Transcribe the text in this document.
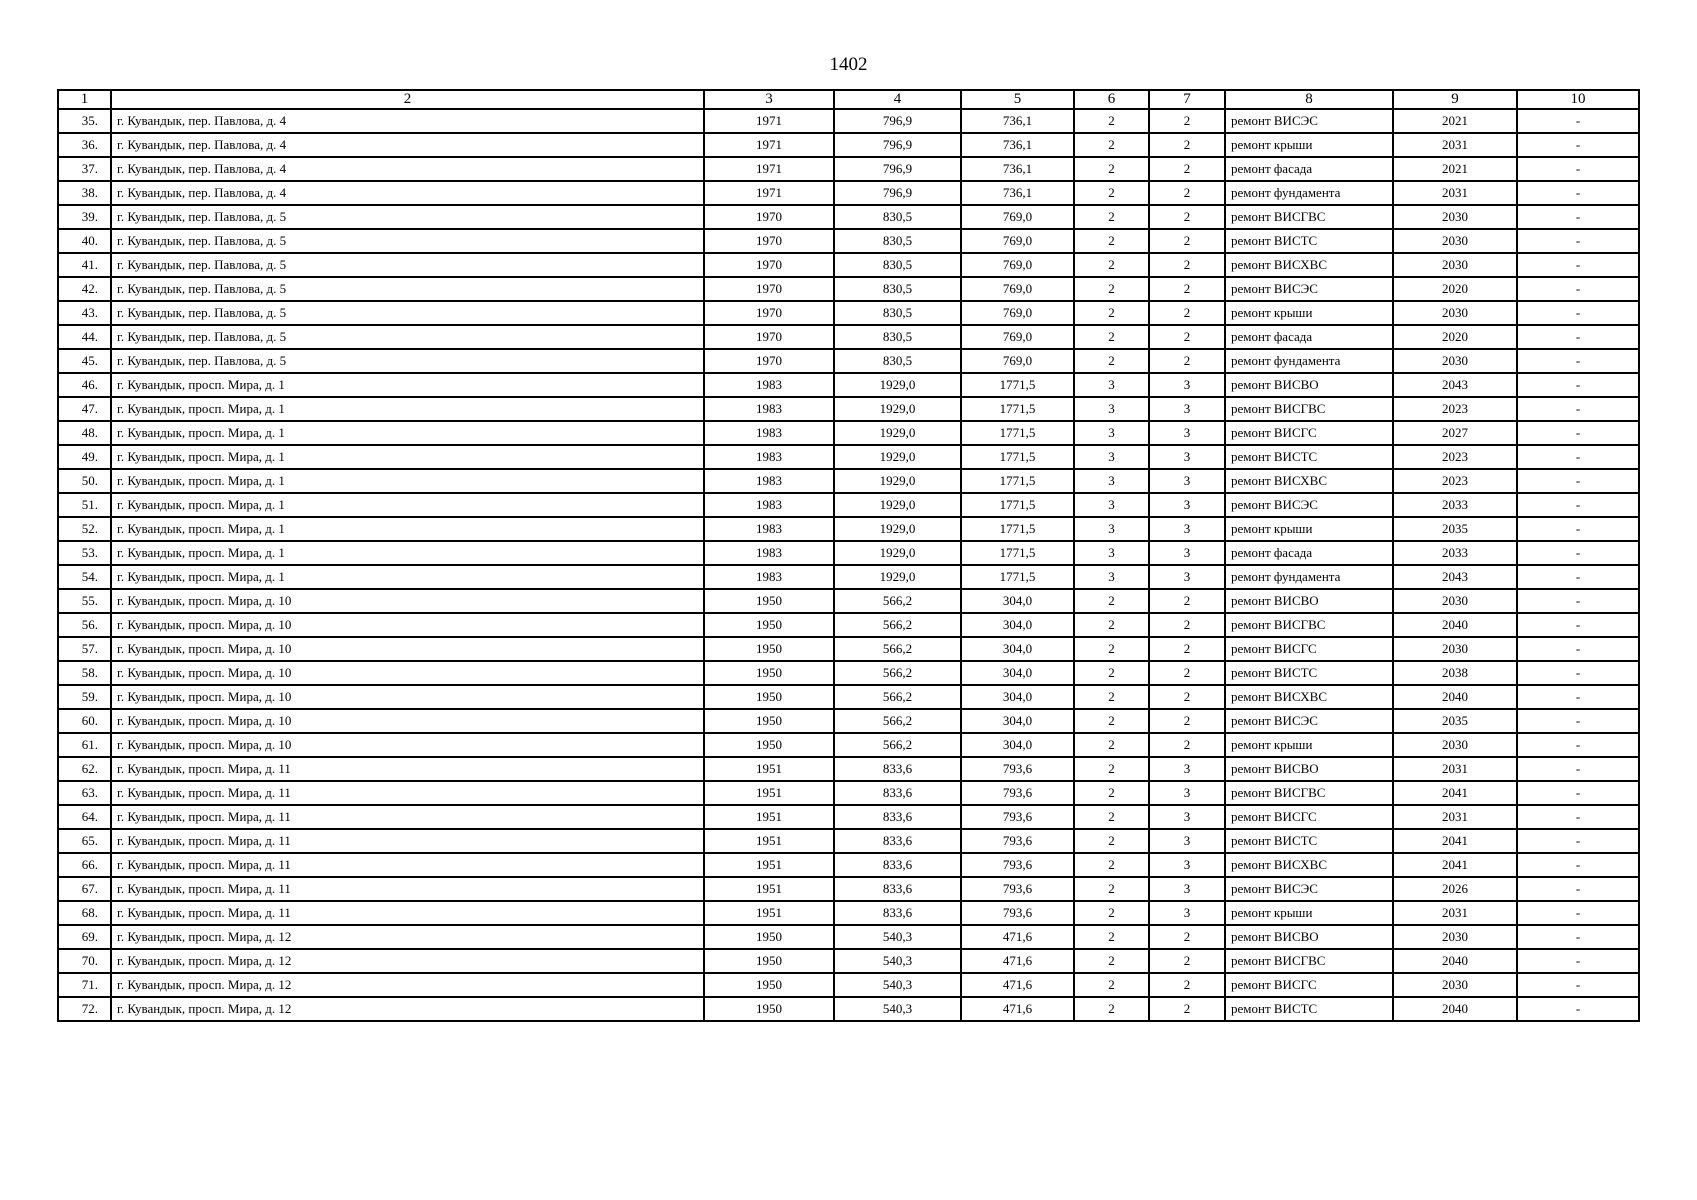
1402
1	2	3	4	5	6	7	8	9	10
35.	г. Кувандык, пер. Павлова, д. 4	1971	796,9	736,1	2	2	ремонт ВИСЭС	2021	-
36.	г. Кувандык, пер. Павлова, д. 4	1971	796,9	736,1	2	2	ремонт крыши	2031	-
37.	г. Кувандык, пер. Павлова, д. 4	1971	796,9	736,1	2	2	ремонт фасада	2021	-
38.	г. Кувандык, пер. Павлова, д. 4	1971	796,9	736,1	2	2	ремонт фундамента	2031	-
39.	г. Кувандык, пер. Павлова, д. 5	1970	830,5	769,0	2	2	ремонт ВИСГВС	2030	-
40.	г. Кувандык, пер. Павлова, д. 5	1970	830,5	769,0	2	2	ремонт ВИСТС	2030	-
41.	г. Кувандык, пер. Павлова, д. 5	1970	830,5	769,0	2	2	ремонт ВИСХВС	2030	-
42.	г. Кувандык, пер. Павлова, д. 5	1970	830,5	769,0	2	2	ремонт ВИСЭС	2020	-
43.	г. Кувандык, пер. Павлова, д. 5	1970	830,5	769,0	2	2	ремонт крыши	2030	-
44.	г. Кувандык, пер. Павлова, д. 5	1970	830,5	769,0	2	2	ремонт фасада	2020	-
45.	г. Кувандык, пер. Павлова, д. 5	1970	830,5	769,0	2	2	ремонт фундамента	2030	-
46.	г. Кувандык, просп. Мира, д. 1	1983	1929,0	1771,5	3	3	ремонт ВИСВО	2043	-
47.	г. Кувандык, просп. Мира, д. 1	1983	1929,0	1771,5	3	3	ремонт ВИСГВС	2023	-
48.	г. Кувандык, просп. Мира, д. 1	1983	1929,0	1771,5	3	3	ремонт ВИСГС	2027	-
49.	г. Кувандык, просп. Мира, д. 1	1983	1929,0	1771,5	3	3	ремонт ВИСТС	2023	-
50.	г. Кувандык, просп. Мира, д. 1	1983	1929,0	1771,5	3	3	ремонт ВИСХВС	2023	-
51.	г. Кувандык, просп. Мира, д. 1	1983	1929,0	1771,5	3	3	ремонт ВИСЭС	2033	-
52.	г. Кувандык, просп. Мира, д. 1	1983	1929,0	1771,5	3	3	ремонт крыши	2035	-
53.	г. Кувандык, просп. Мира, д. 1	1983	1929,0	1771,5	3	3	ремонт фасада	2033	-
54.	г. Кувандык, просп. Мира, д. 1	1983	1929,0	1771,5	3	3	ремонт фундамента	2043	-
55.	г. Кувандык, просп. Мира, д. 10	1950	566,2	304,0	2	2	ремонт ВИСВО	2030	-
56.	г. Кувандык, просп. Мира, д. 10	1950	566,2	304,0	2	2	ремонт ВИСГВС	2040	-
57.	г. Кувандык, просп. Мира, д. 10	1950	566,2	304,0	2	2	ремонт ВИСГС	2030	-
58.	г. Кувандык, просп. Мира, д. 10	1950	566,2	304,0	2	2	ремонт ВИСТС	2038	-
59.	г. Кувандык, просп. Мира, д. 10	1950	566,2	304,0	2	2	ремонт ВИСХВС	2040	-
60.	г. Кувандык, просп. Мира, д. 10	1950	566,2	304,0	2	2	ремонт ВИСЭС	2035	-
61.	г. Кувандык, просп. Мира, д. 10	1950	566,2	304,0	2	2	ремонт крыши	2030	-
62.	г. Кувандык, просп. Мира, д. 11	1951	833,6	793,6	2	3	ремонт ВИСВО	2031	-
63.	г. Кувандык, просп. Мира, д. 11	1951	833,6	793,6	2	3	ремонт ВИСГВС	2041	-
64.	г. Кувандык, просп. Мира, д. 11	1951	833,6	793,6	2	3	ремонт ВИСГС	2031	-
65.	г. Кувандык, просп. Мира, д. 11	1951	833,6	793,6	2	3	ремонт ВИСТС	2041	-
66.	г. Кувандык, просп. Мира, д. 11	1951	833,6	793,6	2	3	ремонт ВИСХВС	2041	-
67.	г. Кувандык, просп. Мира, д. 11	1951	833,6	793,6	2	3	ремонт ВИСЭС	2026	-
68.	г. Кувандык, просп. Мира, д. 11	1951	833,6	793,6	2	3	ремонт крыши	2031	-
69.	г. Кувандык, просп. Мира, д. 12	1950	540,3	471,6	2	2	ремонт ВИСВО	2030	-
70.	г. Кувандык, просп. Мира, д. 12	1950	540,3	471,6	2	2	ремонт ВИСГВС	2040	-
71.	г. Кувандык, просп. Мира, д. 12	1950	540,3	471,6	2	2	ремонт ВИСГС	2030	-
72.	г. Кувандык, просп. Мира, д. 12	1950	540,3	471,6	2	2	ремонт ВИСТС	2040	-
